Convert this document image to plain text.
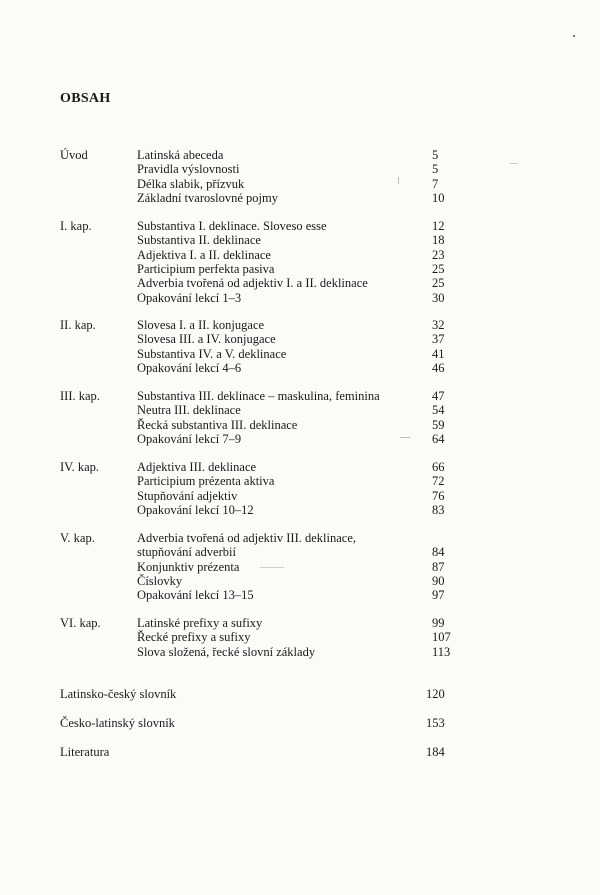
OBSAH
Úvod	Latinská abeceda	5
Pravidla výslovnosti	5
Délka slabik, přízvuk	7
Základní tvaroslovné pojmy	10
I. kap.	Substantiva I. deklinace. Sloveso esse	12
Substantiva II. deklinace	18
Adjektiva I. a II. deklinace	23
Participium perfekta pasiva	25
Adverbia tvořená od adjektiv I. a II. deklinace	25
Opakování lekcí 1–3	30
II. kap.	Slovesa I. a II. konjugace	32
Slovesa III. a IV. konjugace	37
Substantiva IV. a V. deklinace	41
Opakování lekcí 4–6	46
III. kap.	Substantiva III. deklinace – maskulina, feminina	47
Neutra III. deklinace	54
Řecká substantiva III. deklinace	59
Opakování lekcí 7–9	64
IV. kap.	Adjektiva III. deklinace	66
Participium prézenta aktiva	72
Stupňování adjektiv	76
Opakování lekcí 10–12	83
V. kap.	Adverbia tvořená od adjektiv III. deklinace,
stupňování adverbií	84
Konjunktiv prézenta	87
Číslovky	90
Opakování lekcí 13–15	97
VI. kap.	Latinské prefixy a sufixy	99
Řecké prefixy a sufixy	107
Slova složená, řecké slovní základy	113
Latinsko-český slovník	120
Česko-latinský slovník	153
Literatura	184
